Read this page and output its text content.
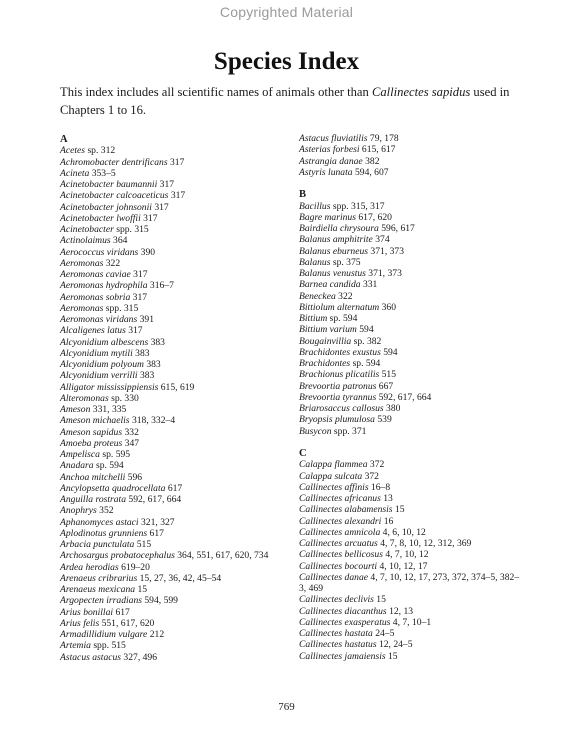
Copyrighted Material
Species Index
This index includes all scientific names of animals other than Callinectes sapidus used in Chapters 1 to 16.
A
Acetes sp. 312
Achromobacter dentrificans 317
Acineta 353–5
Acinetobacter baumannii 317
Acinetobacter calcoaceticus 317
Acinetobacter johnsonii 317
Acinetobacter lwoffii 317
Acinetobacter spp. 315
Actinolaimus 364
Aerococcus viridans 390
Aeromonas 322
Aeromonas caviae 317
Aeromonas hydrophila 316–7
Aeromonas sobria 317
Aeromonas spp. 315
Aeromonas viridans 391
Alcaligenes latus 317
Alcyonidium albescens 383
Alcyonidium mytili 383
Alcyonidium polyoum 383
Alcyonidium verrilli 383
Alligator mississippiensis 615, 619
Alteromonas sp. 330
Ameson 331, 335
Ameson michaelis 318, 332–4
Ameson sapidus 332
Amoeba proteus 347
Ampelisca sp. 595
Anadara sp. 594
Anchoa mitchelli 596
Ancylopsetta quadrocellata 617
Anguilla rostrata 592, 617, 664
Anophrys 352
Aphanomyces astaci 321, 327
Aplodinotus grunniens 617
Arbacia punctulata 515
Archosargus probatocephalus 364, 551, 617, 620, 734
Ardea herodias 619–20
Arenaeus cribrarius 15, 27, 36, 42, 45–54
Arenaeus mexicana 15
Argopecten irradians 594, 599
Arius bonillai 617
Arius felis 551, 617, 620
Armadillidium vulgare 212
Artemia spp. 515
Astacus astacus 327, 496
Astacus fluviatilis 79, 178
Asterias forbesi 615, 617
Astrangia danae 382
Astyris lunata 594, 607
B
Bacillus spp. 315, 317
Bagre marinus 617, 620
Bairdiella chrysoura 596, 617
Balanus amphitrite 374
Balanus eburneus 371, 373
Balanus sp. 375
Balanus venustus 371, 373
Barnea candida 331
Beneckea 322
Bittiolum alternatum 360
Bittium sp. 594
Bittium varium 594
Bougainvillia sp. 382
Brachidontes exustus 594
Brachidontes sp. 594
Brachionus plicatilis 515
Brevoortia patronus 667
Brevoortia tyrannus 592, 617, 664
Briarosaccus callosus 380
Bryopsis plumulosa 539
Busycon spp. 371
C
Calappa flammea 372
Calappa sulcata 372
Callinectes affinis 16–8
Callinectes africanus 13
Callinectes alabamensis 15
Callinectes alexandri 16
Callinectes amnicola 4, 6, 10, 12
Callinectes arcuatus 4, 7, 8, 10, 12, 312, 369
Callinectes bellicosus 4, 7, 10, 12
Callinectes bocourti 4, 10, 12, 17
Callinectes danae 4, 7, 10, 12, 17, 273, 372, 374–5, 382–
3, 469
Callinectes declivis 15
Callinectes diacanthus 12, 13
Callinectes exasperatus 4, 7, 10–1
Callinectes hastata 24–5
Callinectes hastatus 12, 24–5
Callinectes jamaiensis 15
769
